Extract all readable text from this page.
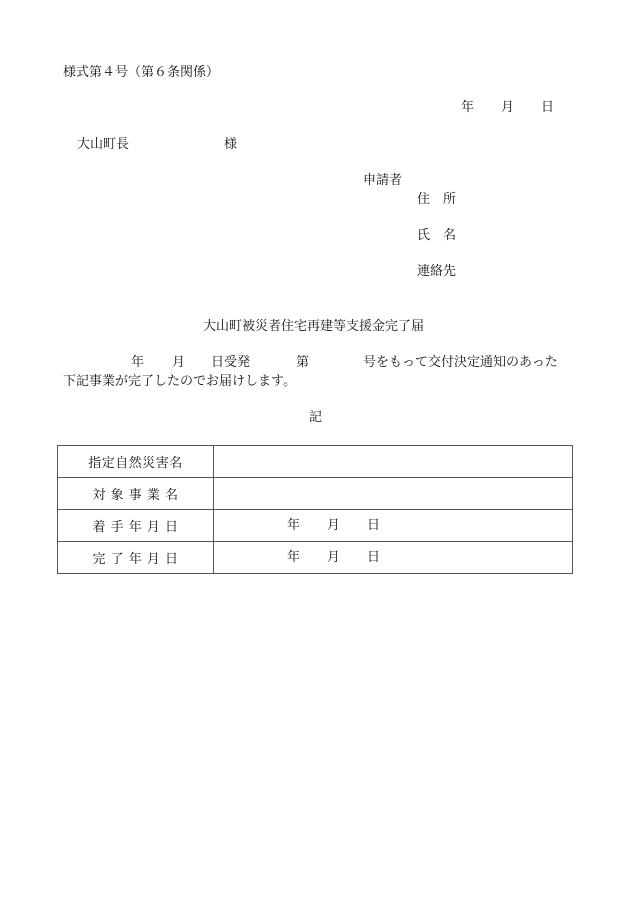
様式第４号（第６条関係）
年 月 日
大山町長	様
申請者
住　所
氏　名
連絡先
大山町被災者住宅再建等支援金完了届
年 月 日受発	第	号をもって交付決定通知のあった
下記事業が完了したのでお届けします。
記
指定自然災害名	
対 象 事 業 名	
着 手 年 月 日	年 月 日

完 了 年 月 日	年 月 日
